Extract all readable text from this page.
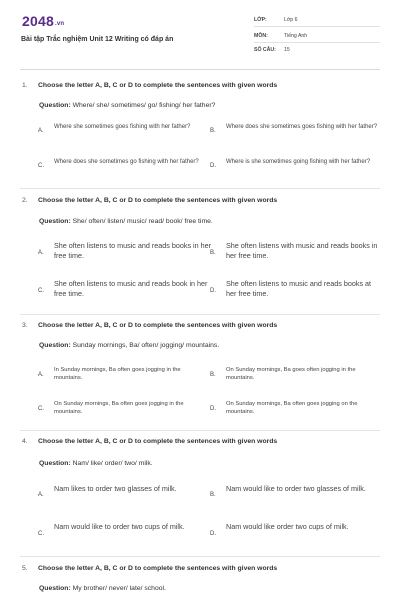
2048.vn
Bài tập Trắc nghiệm Unit 12 Writing có đáp án
LỚP:	Lớp 6
MÔN:	Tiếng Anh
SỐ CÂU: 15
1. Choose the letter A, B, C or D to complete the sentences with given words
Question: Where/ she/ sometimes/ go/ fishing/ her father?
A.
Where she sometimes goes fishing with her father?
B.
Where does she sometimes goes fishing with her father?
C.
Where does she sometimes go fishing with her father?
D.
Where is she sometimes going fishing with her father?
2. Choose the letter A, B, C or D to complete the sentences with given words
Question: She/ often/ listen/ music/ read/ book/ free time.
A.
She often listens to music and reads books in her free time.	B.
She often listens with music and reads books in her free time.
C.
She often listens to music and reads book in her free time.	D.
She often listens to music and reads books at her free time.
3. Choose the letter A, B, C or D to complete the sentences with given words
Question: Sunday mornings, Ba/ often/ jogging/ mountains.
A.
In Sunday mornings, Ba often goes jogging in the mountains.
B.
On Sunday mornings, Ba goes often jogging in the mountains.
C.
On Sunday mornings, Ba often goes jogging in the mountains.
D.
On Sunday mornings, Ba often goes jogging on the mountains.
4. Choose the letter A, B, C or D to complete the sentences with given words
Question: Nam/ like/ order/ two/ milk.
A.
Nam likes to order two glasses of milk.
B.
Nam would like to order two glasses of milk.
C.
Nam would like to order two cups of milk.
D.
Nam would like order two cups of milk.
5. Choose the letter A, B, C or D to complete the sentences with given words
Question: My brother/ never/ late/ school.
